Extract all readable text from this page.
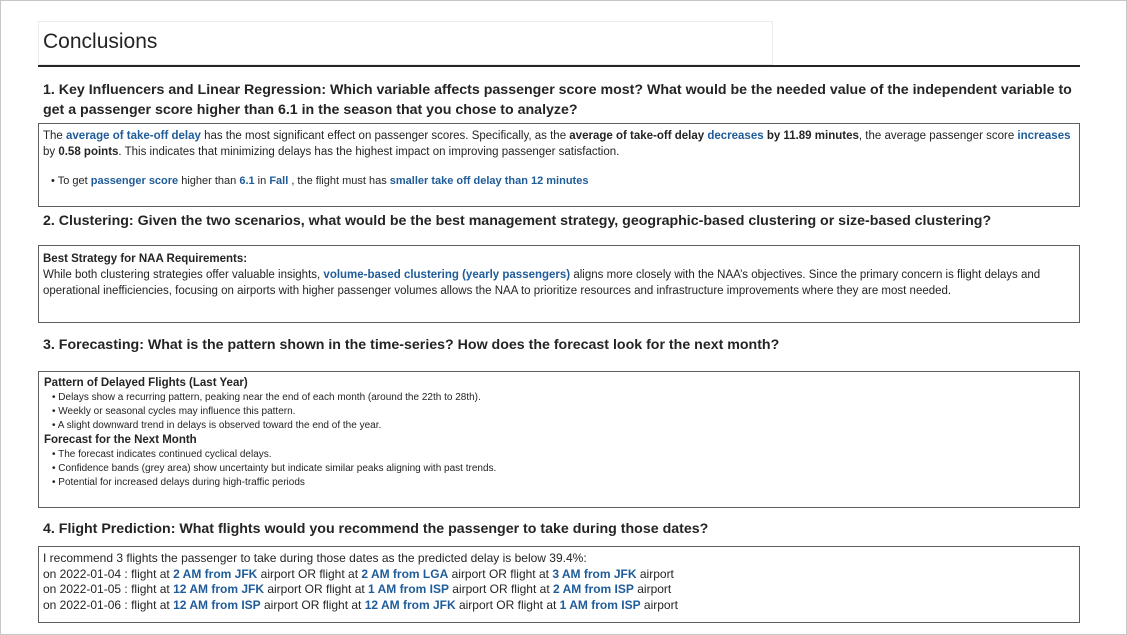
Conclusions
1. Key Influencers and Linear Regression: Which variable affects passenger score most? What would be the needed value of the independent variable to get a passenger score higher than 6.1 in the season that you chose to analyze?
The average of take-off delay has the most significant effect on passenger scores. Specifically, as the average of take-off delay decreases by 11.89 minutes, the average passenger score increases by 0.58 points. This indicates that minimizing delays has the highest impact on improving passenger satisfaction.
• To get passenger score higher than 6.1 in Fall , the flight must has smaller take off delay than 12 minutes
2. Clustering: Given the two scenarios, what would be the best management strategy, geographic-based clustering or size-based clustering?
Best Strategy for NAA Requirements:
While both clustering strategies offer valuable insights, volume-based clustering (yearly passengers) aligns more closely with the NAA’s objectives. Since the primary concern is flight delays and operational inefficiencies, focusing on airports with higher passenger volumes allows the NAA to prioritize resources and infrastructure improvements where they are most needed.
3. Forecasting: What is the pattern shown in the time-series? How does the forecast look for the next month?
Pattern of Delayed Flights (Last Year)
• Delays show a recurring pattern, peaking near the end of each month (around the 22th to 28th).
• Weekly or seasonal cycles may influence this pattern.
• A slight downward trend in delays is observed toward the end of the year.
Forecast for the Next Month
• The forecast indicates continued cyclical delays.
• Confidence bands (grey area) show uncertainty but indicate similar peaks aligning with past trends.
• Potential for increased delays during high-traffic periods
4. Flight Prediction: What flights would you recommend the passenger to take during those dates?
I recommend 3 flights the passenger to take during those dates as the predicted delay is below 39.4%:
on 2022-01-04 : flight at 2 AM from JFK airport OR flight at 2 AM from LGA airport OR flight at 3 AM from JFK airport
on 2022-01-05 : flight at 12 AM from JFK airport OR flight at 1 AM from ISP airport OR flight at 2 AM from ISP airport
on 2022-01-06 : flight at 12 AM from ISP airport OR flight at 12 AM from JFK airport OR flight at 1 AM from ISP airport
